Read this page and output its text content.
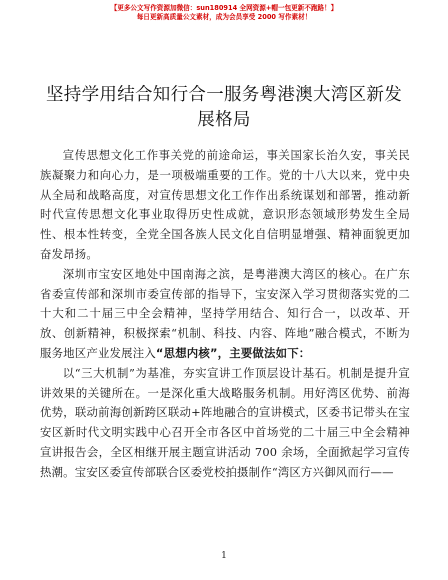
【更多公文写作资源加微信：sun180914 全网资源+帽一包更新不跑路！】
每日更新高质量公文素材，成为会员享受 2000 写作素材！
坚持学用结合知行合一服务粤港澳大湾区新发展格局

宣传思想文化工作事关党的前途命运，事关国家长治久安，事关民族凝聚力和向心力，是一项极端重要的工作。党的十八大以来，党中央从全局和战略高度，对宣传思想文化工作作出系统谋划和部署，推动新时代宣传思想文化事业取得历史性成就，意识形态领域形势发生全局性、根本性转变，全党全国各族人民文化自信明显增强、精神面貌更加奋发昂扬。

深圳市宝安区地处中国南海之滨，是粤港澳大湾区的核心。在广东省委宣传部和深圳市委宣传部的指导下，宝安深入学习贯彻落实党的二十大和二十届三中全会精神，坚持学用结合、知行合一，以改革、开放、创新精神，积极探索“机制、科技、内容、阵地”融合模式，不断为服务地区产业发展注入“思想内核”，主要做法如下：

以“三大机制”为基准，夯实宣讲工作顶层设计基石。机制是提升宣讲效果的关键所在。一是深化重大战略服务机制。用好湾区优势、前海优势，联动前海创新跨区联动+阵地融合的宣讲模式，区委书记带头在宝安区新时代文明实践中心召开全市各区中首场党的二十届三中全会精神宣讲报告会，全区相继开展主题宣讲活动 700 余场，全面掀起学习宣传热潮。宝安区委宣传部联合区委党校拍摄制作“湾区方兴御风而行——

1
